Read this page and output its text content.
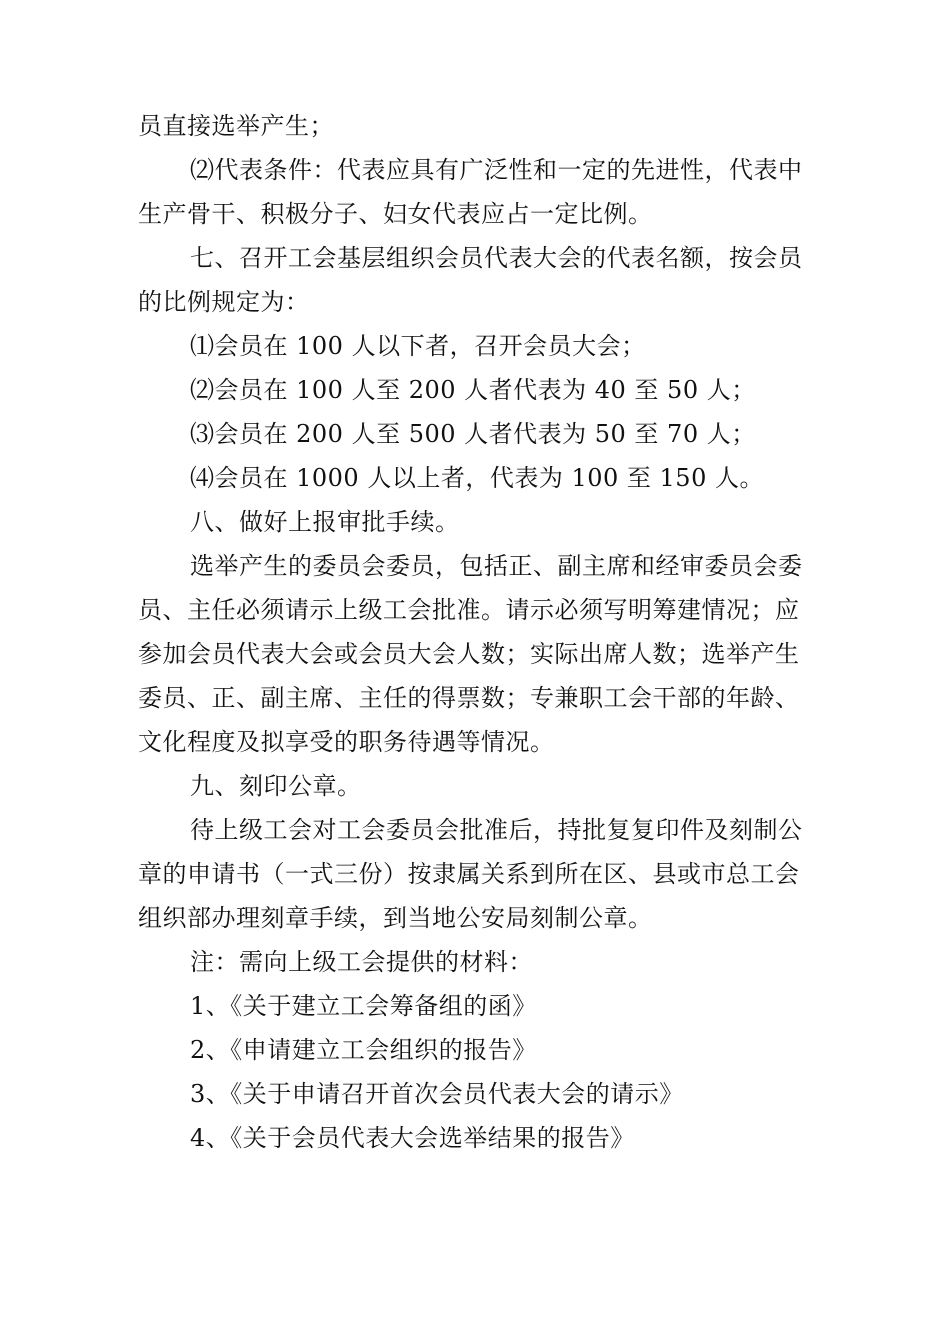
员直接选举产生；
⑵代表条件：代表应具有广泛性和一定的先进性，代表中
生产骨干、积极分子、妇女代表应占一定比例。
七、召开工会基层组织会员代表大会的代表名额，按会员
的比例规定为：
⑴会员在 100 人以下者，召开会员大会；
⑵会员在 100 人至 200 人者代表为 40 至 50 人；
⑶会员在 200 人至 500 人者代表为 50 至 70 人；
⑷会员在 1000 人以上者，代表为 100 至 150 人。
八、做好上报审批手续。
选举产生的委员会委员，包括正、副主席和经审委员会委
员、主任必须请示上级工会批准。请示必须写明筹建情况；应
参加会员代表大会或会员大会人数；实际出席人数；选举产生
委员、正、副主席、主任的得票数；专兼职工会干部的年龄、
文化程度及拟享受的职务待遇等情况。
九、刻印公章。
待上级工会对工会委员会批准后，持批复复印件及刻制公
章的申请书（一式三份）按隶属关系到所在区、县或市总工会
组织部办理刻章手续，到当地公安局刻制公章。
注：需向上级工会提供的材料：
1、《关于建立工会筹备组的函》
2、《申请建立工会组织的报告》
3、《关于申请召开首次会员代表大会的请示》
4、《关于会员代表大会选举结果的报告》
